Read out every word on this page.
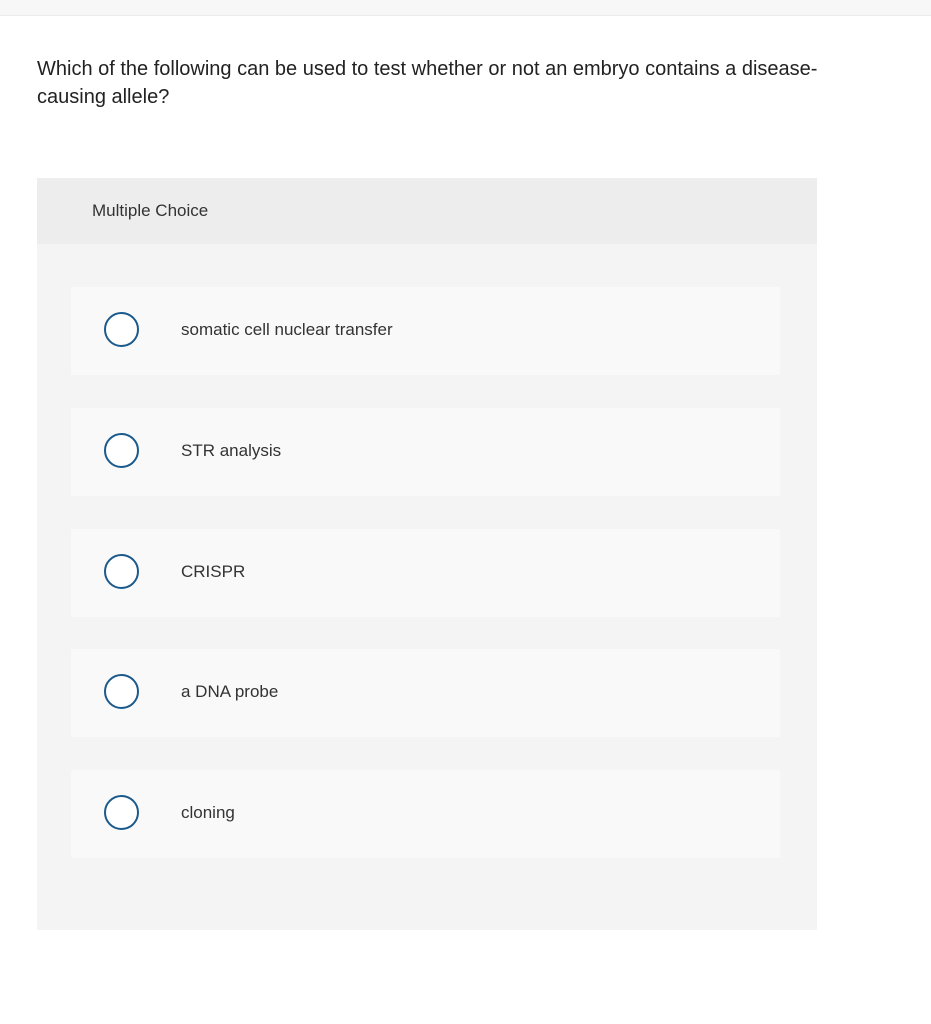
Which of the following can be used to test whether or not an embryo contains a disease-causing allele?
Multiple Choice
somatic cell nuclear transfer
STR analysis
CRISPR
a DNA probe
cloning
